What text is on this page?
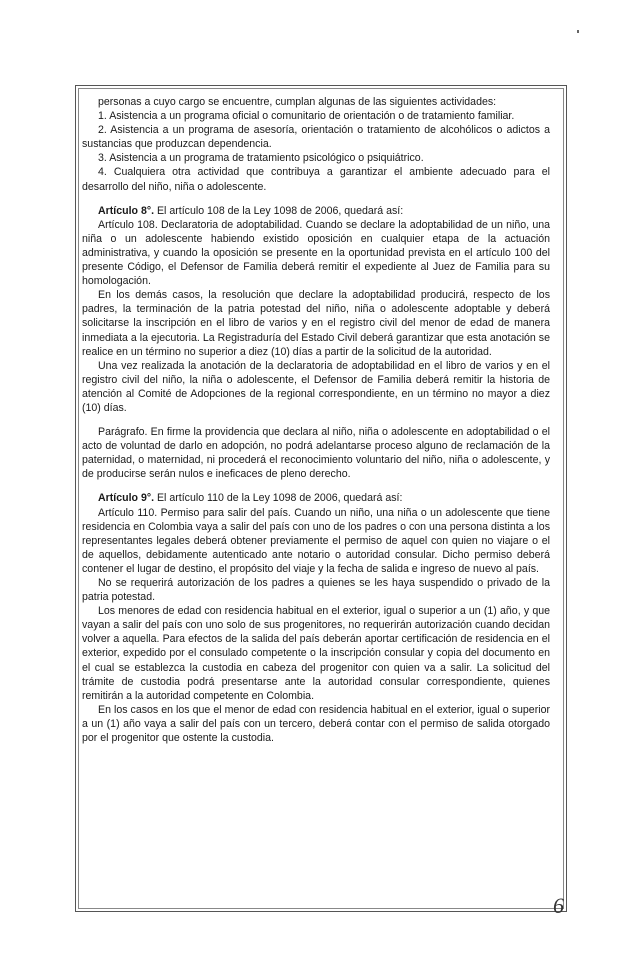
personas a cuyo cargo se encuentre, cumplan algunas de las siguientes actividades:

1. Asistencia a un programa oficial o comunitario de orientación o de tratamiento familiar.

2. Asistencia a un programa de asesoría, orientación o tratamiento de alcohólicos o adictos a sustancias que produzcan dependencia.

3. Asistencia a un programa de tratamiento psicológico o psiquiátrico.

4. Cualquiera otra actividad que contribuya a garantizar el ambiente adecuado para el desarrollo del niño, niña o adolescente.

Artículo 8°. El artículo 108 de la Ley 1098 de 2006, quedará así:

Artículo 108. Declaratoria de adoptabilidad. Cuando se declare la adoptabilidad de un niño, una niña o un adolescente habiendo existido oposición en cualquier etapa de la actuación administrativa, y cuando la oposición se presente en la oportunidad prevista en el artículo 100 del presente Código, el Defensor de Familia deberá remitir el expediente al Juez de Familia para su homologación.

En los demás casos, la resolución que declare la adoptabilidad producirá, respecto de los padres, la terminación de la patria potestad del niño, niña o adolescente adoptable y deberá solicitarse la inscripción en el libro de varios y en el registro civil del menor de edad de manera inmediata a la ejecutoria. La Registraduría del Estado Civil deberá garantizar que esta anotación se realice en un término no superior a diez (10) días a partir de la solicitud de la autoridad.

Una vez realizada la anotación de la declaratoria de adoptabilidad en el libro de varios y en el registro civil del niño, la niña o adolescente, el Defensor de Familia deberá remitir la historia de atención al Comité de Adopciones de la regional correspondiente, en un término no mayor a diez (10) días.

Parágrafo. En firme la providencia que declara al niño, niña o adolescente en adoptabilidad o el acto de voluntad de darlo en adopción, no podrá adelantarse proceso alguno de reclamación de la paternidad, o maternidad, ni procederá el reconocimiento voluntario del niño, niña o adolescente, y de producirse serán nulos e ineficaces de pleno derecho.

Artículo 9°. El artículo 110 de la Ley 1098 de 2006, quedará así:

Artículo 110. Permiso para salir del país. Cuando un niño, una niña o un adolescente que tiene residencia en Colombia vaya a salir del país con uno de los padres o con una persona distinta a los representantes legales deberá obtener previamente el permiso de aquel con quien no viajare o el de aquellos, debidamente autenticado ante notario o autoridad consular. Dicho permiso deberá contener el lugar de destino, el propósito del viaje y la fecha de salida e ingreso de nuevo al país.

No se requerirá autorización de los padres a quienes se les haya suspendido o privado de la patria potestad.

Los menores de edad con residencia habitual en el exterior, igual o superior a un (1) año, y que vayan a salir del país con uno solo de sus progenitores, no requerirán autorización cuando decidan volver a aquella. Para efectos de la salida del país deberán aportar certificación de residencia en el exterior, expedido por el consulado competente o la inscripción consular y copia del documento en el cual se establezca la custodia en cabeza del progenitor con quien va a salir. La solicitud del trámite de custodia podrá presentarse ante la autoridad consular correspondiente, quienes remitirán a la autoridad competente en Colombia.

En los casos en los que el menor de edad con residencia habitual en el exterior, igual o superior a un (1) año vaya a salir del país con un tercero, deberá contar con el permiso de salida otorgado por el progenitor que ostente la custodia.

6
